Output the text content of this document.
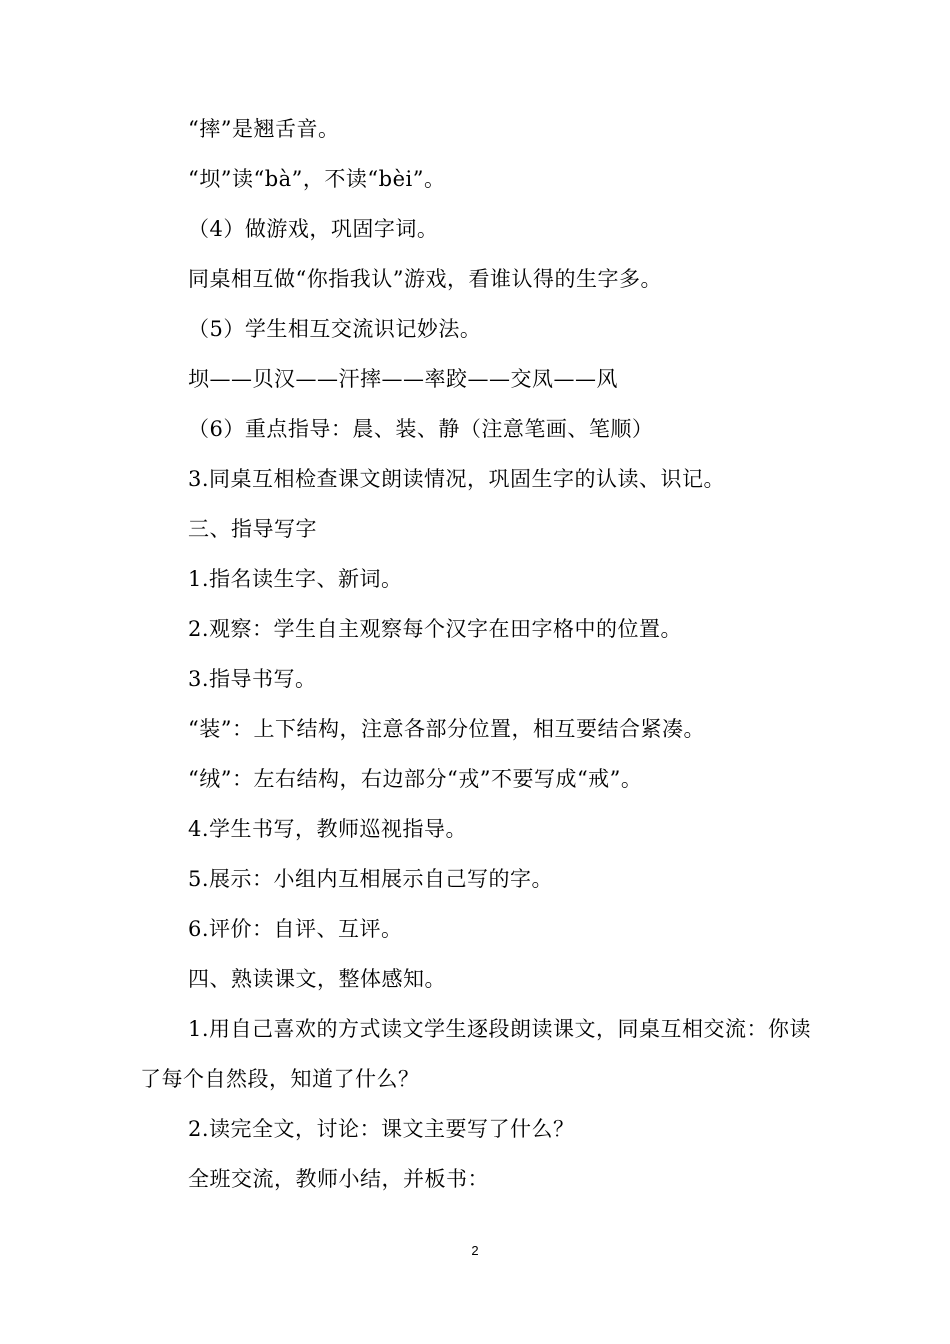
“摔”是翘舌音。

“坝”读“bà”，不读“bèi”。

（4）做游戏，巩固字词。

同桌相互做“你指我认”游戏，看谁认得的生字多。

（5）学生相互交流识记妙法。

坝——贝汉——汗摔——率跤——交凤——风

（6）重点指导：晨、装、静（注意笔画、笔顺）

3.同桌互相检查课文朗读情况，巩固生字的认读、识记。

三、指导写字

1.指名读生字、新词。

2.观察：学生自主观察每个汉字在田字格中的位置。

3.指导书写。

“装”：上下结构，注意各部分位置，相互要结合紧凑。

“绒”：左右结构，右边部分“戎”不要写成“戒”。

4.学生书写，教师巡视指导。

5.展示：小组内互相展示自己写的字。

6.评价：自评、互评。

四、熟读课文，整体感知。

1.用自己喜欢的方式读文学生逐段朗读课文，同桌互相交流：你读了每个自然段，知道了什么？

2.读完全文，讨论：课文主要写了什么？

全班交流，教师小结，并板书：

2
